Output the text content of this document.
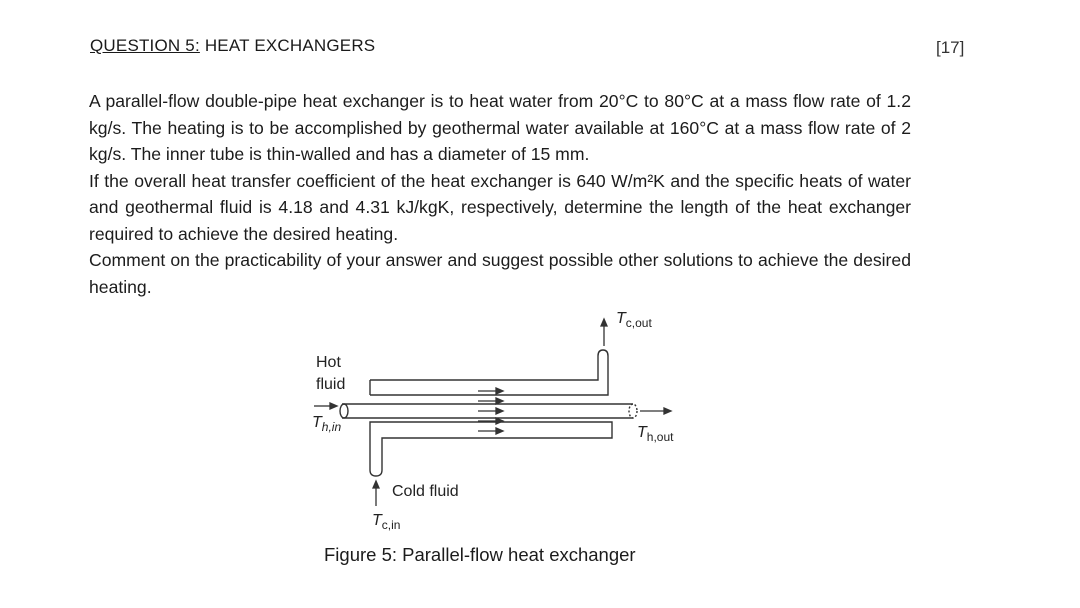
QUESTION 5: HEAT EXCHANGERS	[17]

A parallel-flow double-pipe heat exchanger is to heat water from 20°C to 80°C at a mass flow rate of 1.2 kg/s. The heating is to be accomplished by geothermal water available at 160°C at a mass flow rate of 2 kg/s. The inner tube is thin-walled and has a diameter of 15 mm.

If the overall heat transfer coefficient of the heat exchanger is 640 W/m²K and the specific heats of water and geothermal fluid is 4.18 and 4.31 kJ/kgK, respectively, determine the length of the heat exchanger required to achieve the desired heating.

Comment on the practicability of your answer and suggest possible other solutions to achieve the desired heating.

Hot
fluid
$T_{h,in}$	$T_{h,out}$
$T_{c,out}$
Cold fluid
$T_{c,in}$
Figure 5: Parallel-flow heat exchanger
